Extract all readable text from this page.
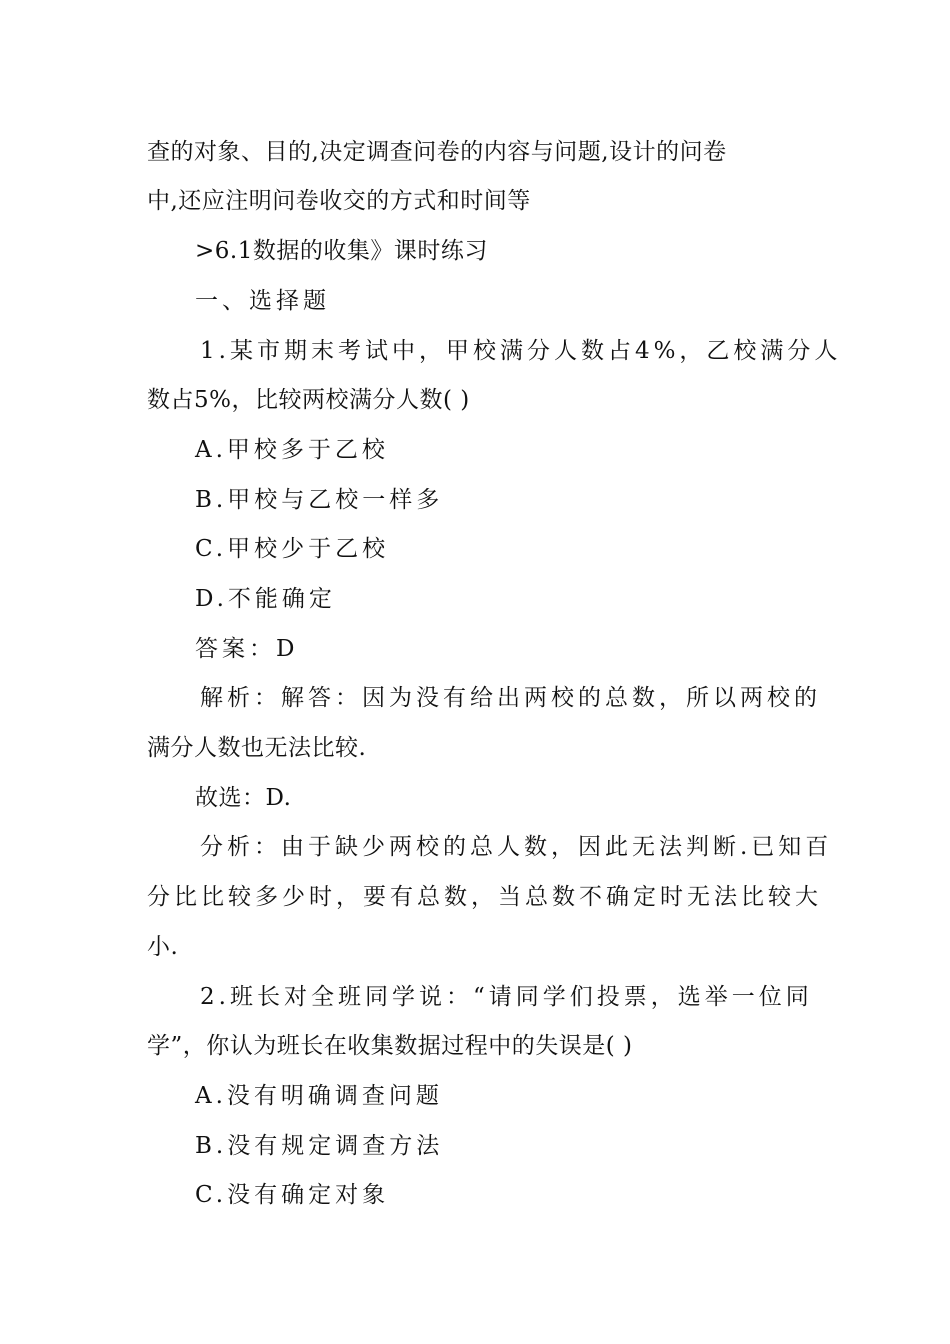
查的对象、目的,决定调查问卷的内容与问题,设计的问卷
中,还应注明问卷收交的方式和时间等
>6.1数据的收集》课时练习
一、选择题
1.某市期末考试中，甲校满分人数占4%，乙校满分人
数占5%，比较两校满分人数( )
A.甲校多于乙校
B.甲校与乙校一样多
C.甲校少于乙校
D.不能确定
答案：D
解析：解答：因为没有给出两校的总数，所以两校的
满分人数也无法比较.
故选：D.
分析：由于缺少两校的总人数，因此无法判断.已知百
分比比较多少时，要有总数，当总数不确定时无法比较大
小.
2.班长对全班同学说：“请同学们投票，选举一位同
学”，你认为班长在收集数据过程中的失误是( )
A.没有明确调查问题
B.没有规定调查方法
C.没有确定对象
